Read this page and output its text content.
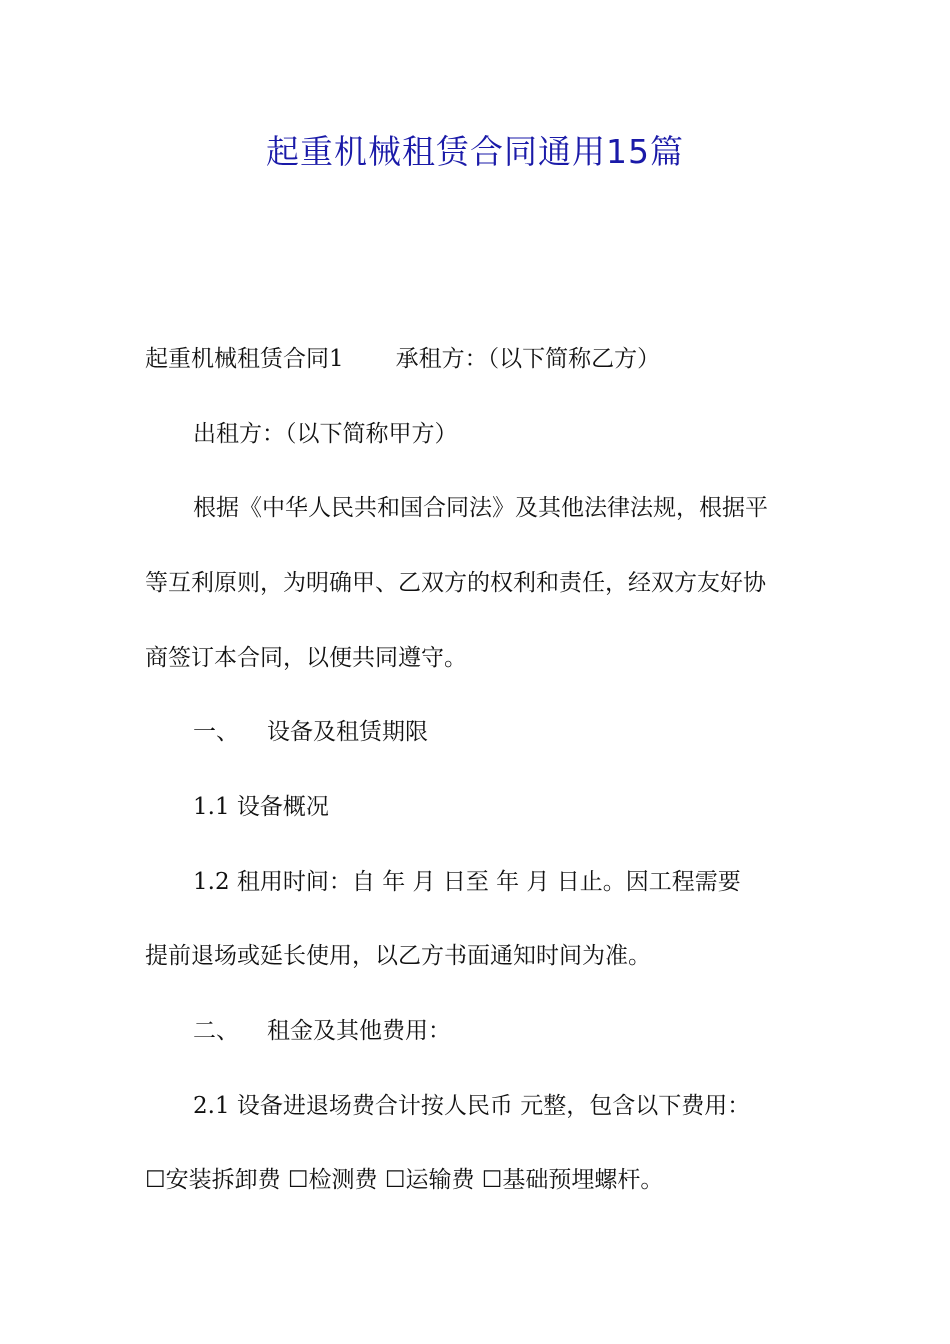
起重机械租赁合同通用15篇

起重机械租赁合同1 承租方：（以下简称乙方）

出租方：（以下简称甲方）

根据《中华人民共和国合同法》及其他法律法规，根据平

等互利原则，为明确甲、乙双方的权利和责任，经双方友好协

商签订本合同，以便共同遵守。

一、 设备及租赁期限

1.1 设备概况

1.2 租用时间：自 年 月 日至 年 月 日止。因工程需要

提前退场或延长使用，以乙方书面通知时间为准。

二、 租金及其他费用：

2.1 设备进退场费合计按人民币 元整，包含以下费用：

☐安装拆卸费 ☐检测费 ☐运输费 ☐基础预埋螺杆。
